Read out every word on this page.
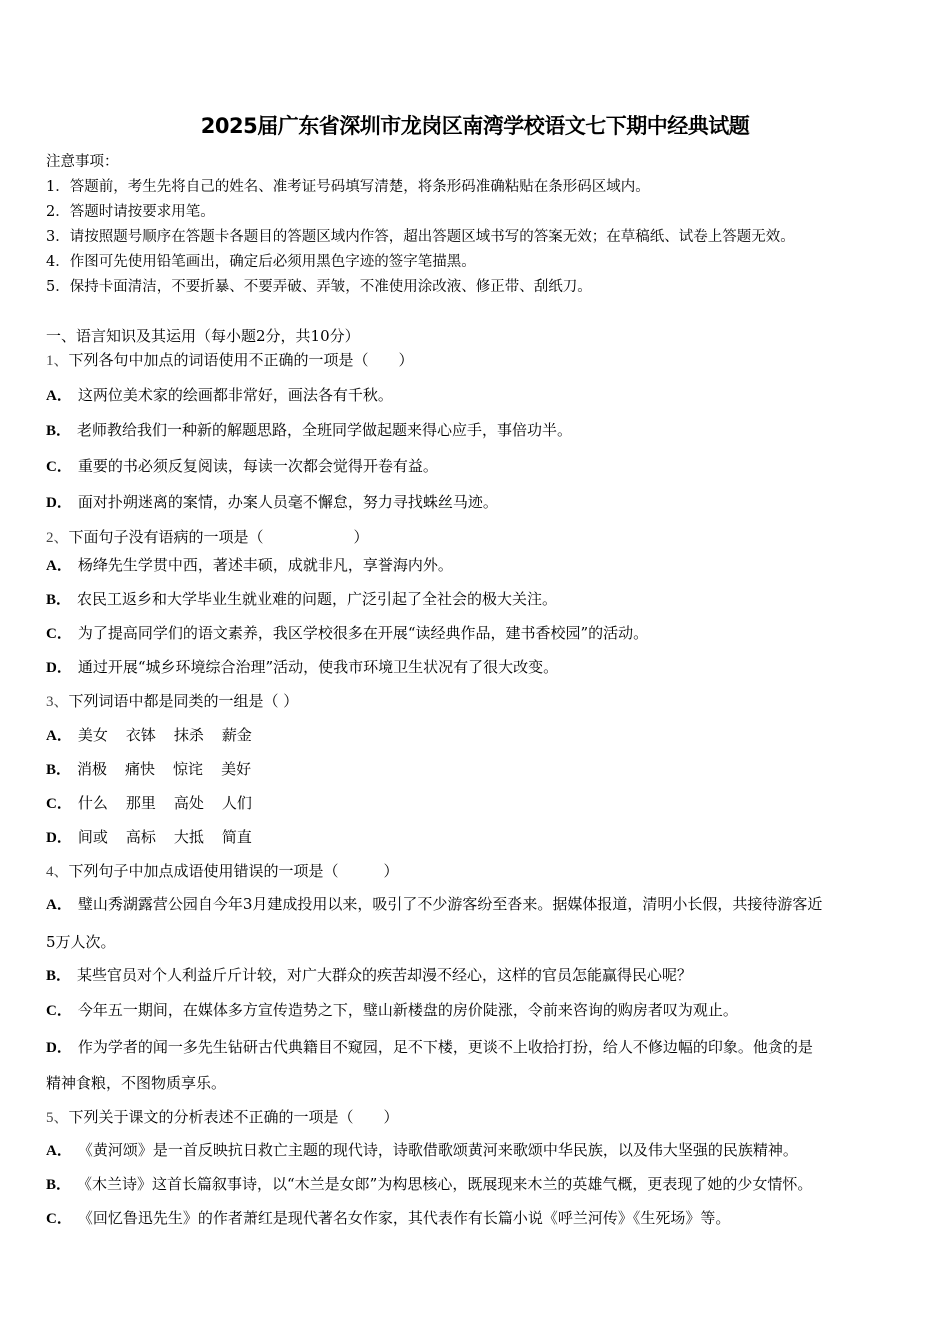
2025届广东省深圳市龙岗区南湾学校语文七下期中经典试题
注意事项：
1．答题前，考生先将自己的姓名、准考证号码填写清楚，将条形码准确粘贴在条形码区域内。
2．答题时请按要求用笔。
3．请按照题号顺序在答题卡各题目的答题区域内作答，超出答题区域书写的答案无效；在草稿纸、试卷上答题无效。
4．作图可先使用铅笔画出，确定后必须用黑色字迹的签字笔描黑。
5．保持卡面清洁，不要折暴、不要弄破、弄皱，不准使用涂改液、修正带、刮纸刀。
一、语言知识及其运用（每小题2分，共10分）
1、下列各句中加点的词语使用不正确的一项是（　　）
A． 这两位美术家的绘画都非常好，画法各有千秋。
B． 老师教给我们一种新的解题思路，全班同学做起题来得心应手，事倍功半。
C． 重要的书必须反复阅读，每读一次都会觉得开卷有益。
D． 面对扑朔迷离的案情，办案人员毫不懈怠，努力寻找蛛丝马迹。
2、下面句子没有语病的一项是（　　　　　　）
A． 杨绛先生学贯中西，著述丰硕，成就非凡，享誉海内外。
B． 农民工返乡和大学毕业生就业难的问题，广泛引起了全社会的极大关注。
C． 为了提高同学们的语文素养，我区学校很多在开展“读经典作品，建书香校园”的活动。
D． 通过开展“城乡环境综合治理”活动，使我市环境卫生状况有了很大改变。
3、下列词语中都是同类的一组是（ ）
A． 美女 衣钵 抹杀 薪金
B． 消极 痛快 惊诧 美好
C． 什么 那里 高处 人们
D． 间或 高标 大抵 简直
4、下列句子中加点成语使用错误的一项是（　　　）
A． 璧山秀湖露营公园自今年3月建成投用以来，吸引了不少游客纷至沓来。据媒体报道，清明小长假，共接待游客近
5万人次。
B． 某些官员对个人利益斤斤计较，对广大群众的疾苦却漫不经心，这样的官员怎能赢得民心呢？
C． 今年五一期间，在媒体多方宣传造势之下，璧山新楼盘的房价陡涨，令前来咨询的购房者叹为观止。
D． 作为学者的闻一多先生钻研古代典籍目不窥园，足不下楼，更谈不上收拾打扮，给人不修边幅的印象。他贪的是
精神食粮，不图物质享乐。
5、下列关于课文的分析表述不正确的一项是（　　）
A． 《黄河颂》是一首反映抗日救亡主题的现代诗，诗歌借歌颂黄河来歌颂中华民族，以及伟大坚强的民族精神。
B． 《木兰诗》这首长篇叙事诗，以“木兰是女郎”为构思核心，既展现来木兰的英雄气概，更表现了她的少女情怀。
C． 《回忆鲁迅先生》的作者萧红是现代著名女作家，其代表作有长篇小说《呼兰河传》《生死场》等。
